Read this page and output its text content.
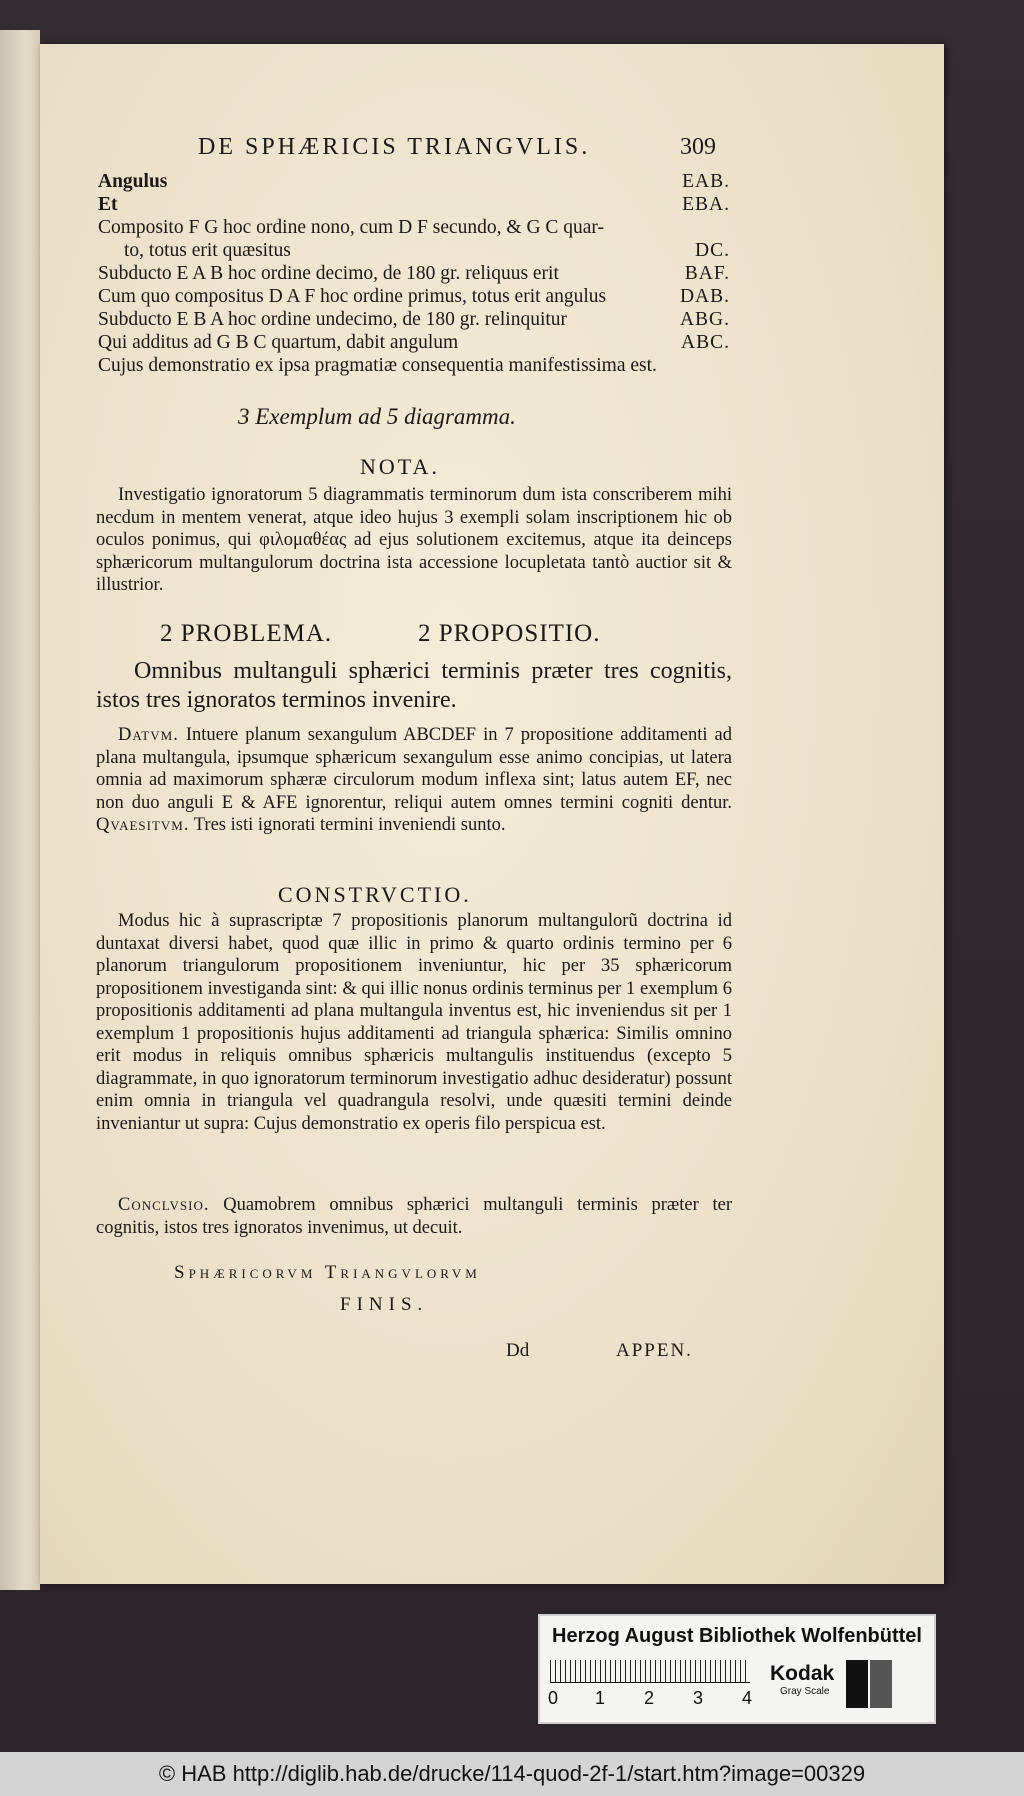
DE SPHÆRICIS TRIANGVLIS.	309
Angulus	EAB.
Et	EBA.
Composito F G hoc ordine nono, cum D F secundo, & G C quar-
to, totus erit quæsitus	DC.
Subducto E A B hoc ordine decimo, de 180 gr. reliquus erit	BAF.
Cum quo compositus D A F hoc ordine primus, totus erit angulus	DAB.
Subducto E B A hoc ordine undecimo, de 180 gr. relinquitur	ABG.
Qui additus ad G B C quartum, dabit angulum	ABC.
Cujus demonstratio ex ipsa pragmatiæ consequentia manifestissima est.
3 Exemplum ad 5 diagramma.
NOTA.
Investigatio ignoratorum 5 diagrammatis terminorum dum ista conscriberem mihi necdum in mentem venerat, atque ideo hujus 3 exempli solam inscriptionem hic ob oculos ponimus, qui φιλομαθέας ad ejus solutionem excitemus, atque ita deinceps sphæricorum multangulorum doctrina ista accessione locupletata tantò auctior sit & illustrior.
2 PROBLEMA.	2 PROPOSITIO.
Omnibus multanguli sphærici terminis præter tres cognitis, istos tres ignoratos terminos invenire.
Datvm. Intuere planum sexangulum ABCDEF in 7 propositione additamenti ad plana multangula, ipsumque sphæricum sexangulum esse animo concipias, ut latera omnia ad maximorum sphæræ circulorum modum inflexa sint; latus autem EF, nec non duo anguli E & AFE ignorentur, reliqui autem omnes termini cogniti dentur. Qvaesitvm. Tres isti ignorati termini inveniendi sunto.
CONSTRVCTIO.
Modus hic à suprascriptæ 7 propositionis planorum multangulorũ doctrina id duntaxat diversi habet, quod quæ illic in primo & quarto ordinis termino per 6 planorum triangulorum propositionem inveniuntur, hic per 35 sphæricorum propositionem investiganda sint: & qui illic nonus ordinis terminus per 1 exemplum 6 propositionis additamenti ad plana multangula inventus est, hic inveniendus sit per 1 exemplum 1 propositionis hujus additamenti ad triangula sphærica: Similis omnino erit modus in reliquis omnibus sphæricis multangulis instituendus (excepto 5 diagrammate, in quo ignoratorum terminorum investigatio adhuc desideratur) possunt enim omnia in triangula vel quadrangula resolvi, unde quæsiti termini deinde inveniantur ut supra: Cujus demonstratio ex operis filo perspicua est.
Conclvsio. Quamobrem omnibus sphærici multanguli terminis præter ter cognitis, istos tres ignoratos invenimus, ut decuit.
Sphæricorvm Triangvlorvm
FINIS.
Dd	APPEN.
Herzog August Bibliothek Wolfenbüttel
0 1 2 3 4
Kodak
Gray Scale
© HAB http://diglib.hab.de/drucke/114-quod-2f-1/start.htm?image=00329
